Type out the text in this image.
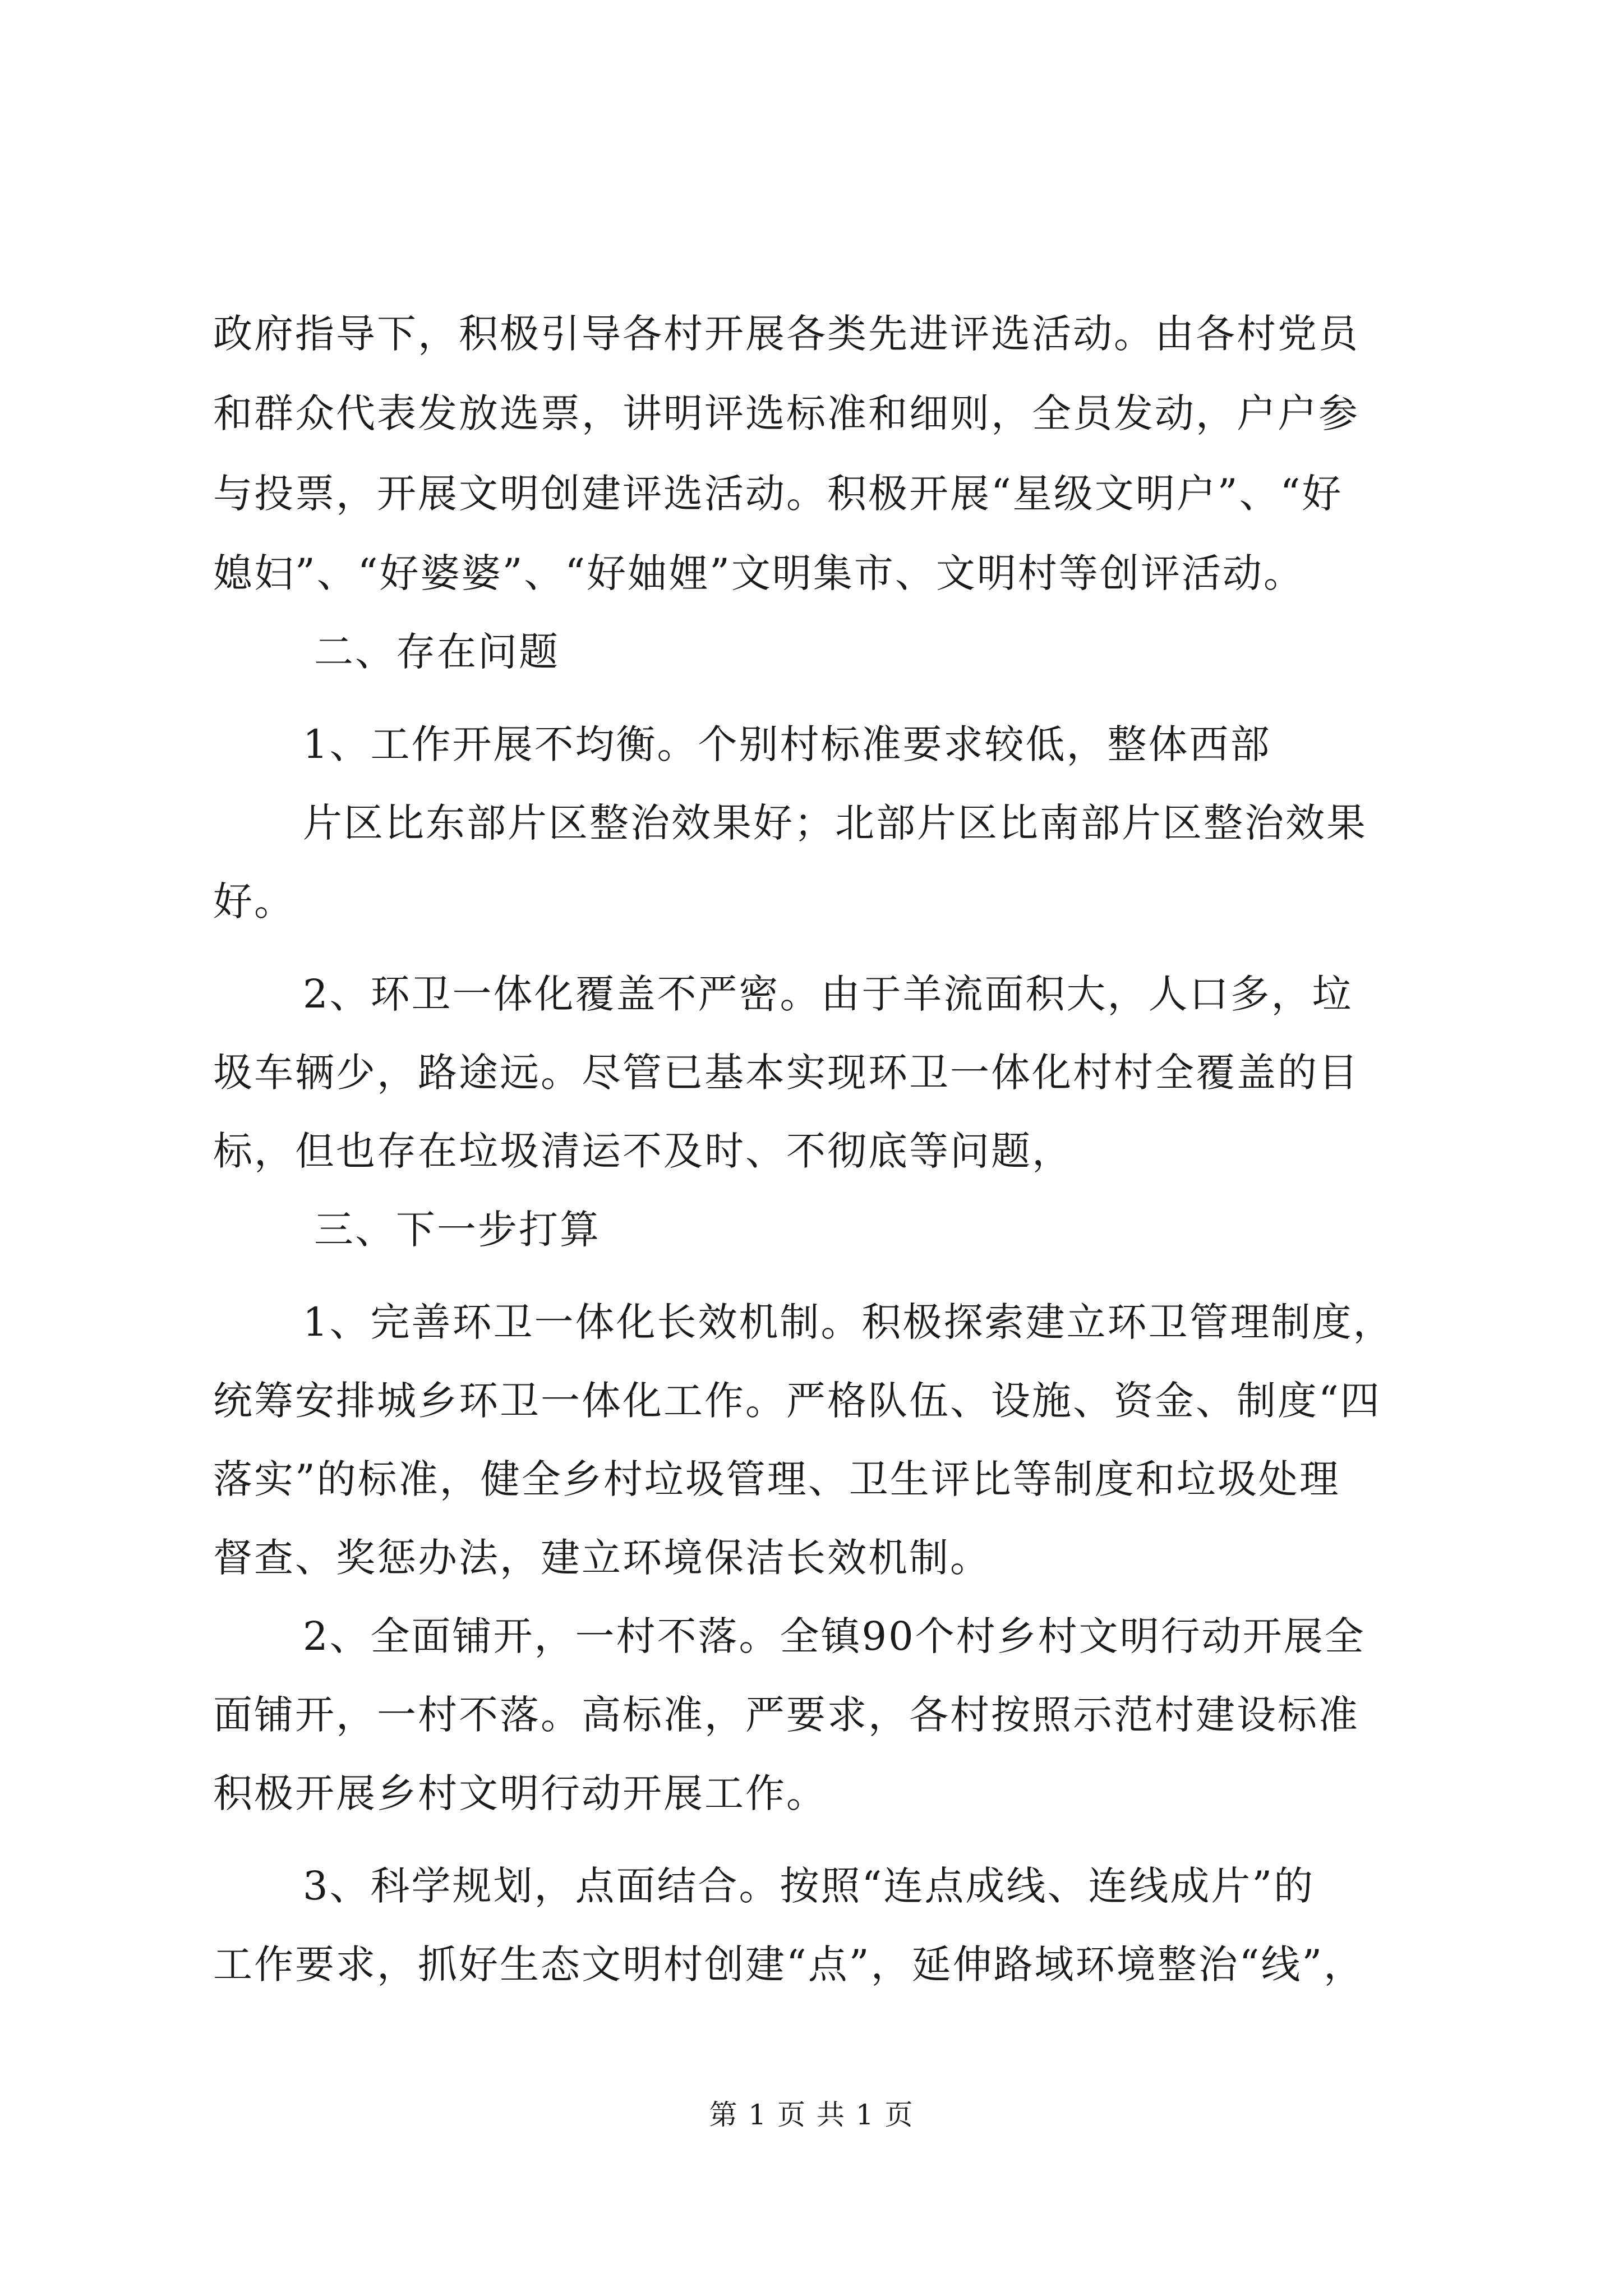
政府指导下，积极引导各村开展各类先进评选活动。由各村党员
和群众代表发放选票，讲明评选标准和细则，全员发动，户户参
与投票，开展文明创建评选活动。积极开展“星级文明户”、“好
媳妇”、“好婆婆”、“好妯娌”文明集市、文明村等创评活动。
二、存在问题
1、工作开展不均衡。个别村标准要求较低，整体西部
片区比东部片区整治效果好；北部片区比南部片区整治效果
好。
2、环卫一体化覆盖不严密。由于羊流面积大，人口多，垃
圾车辆少，路途远。尽管已基本实现环卫一体化村村全覆盖的目
标，但也存在垃圾清运不及时、不彻底等问题，
三、下一步打算
1、完善环卫一体化长效机制。积极探索建立环卫管理制度，
统筹安排城乡环卫一体化工作。严格队伍、设施、资金、制度“四
落实”的标准，健全乡村垃圾管理、卫生评比等制度和垃圾处理
督查、奖惩办法，建立环境保洁长效机制。
2、全面铺开，一村不落。全镇90个村乡村文明行动开展全
面铺开，一村不落。高标准，严要求，各村按照示范村建设标准
积极开展乡村文明行动开展工作。
3、科学规划，点面结合。按照“连点成线、连线成片”的
工作要求，抓好生态文明村创建“点”，延伸路域环境整治“线”，
第 1 页 共 1 页
